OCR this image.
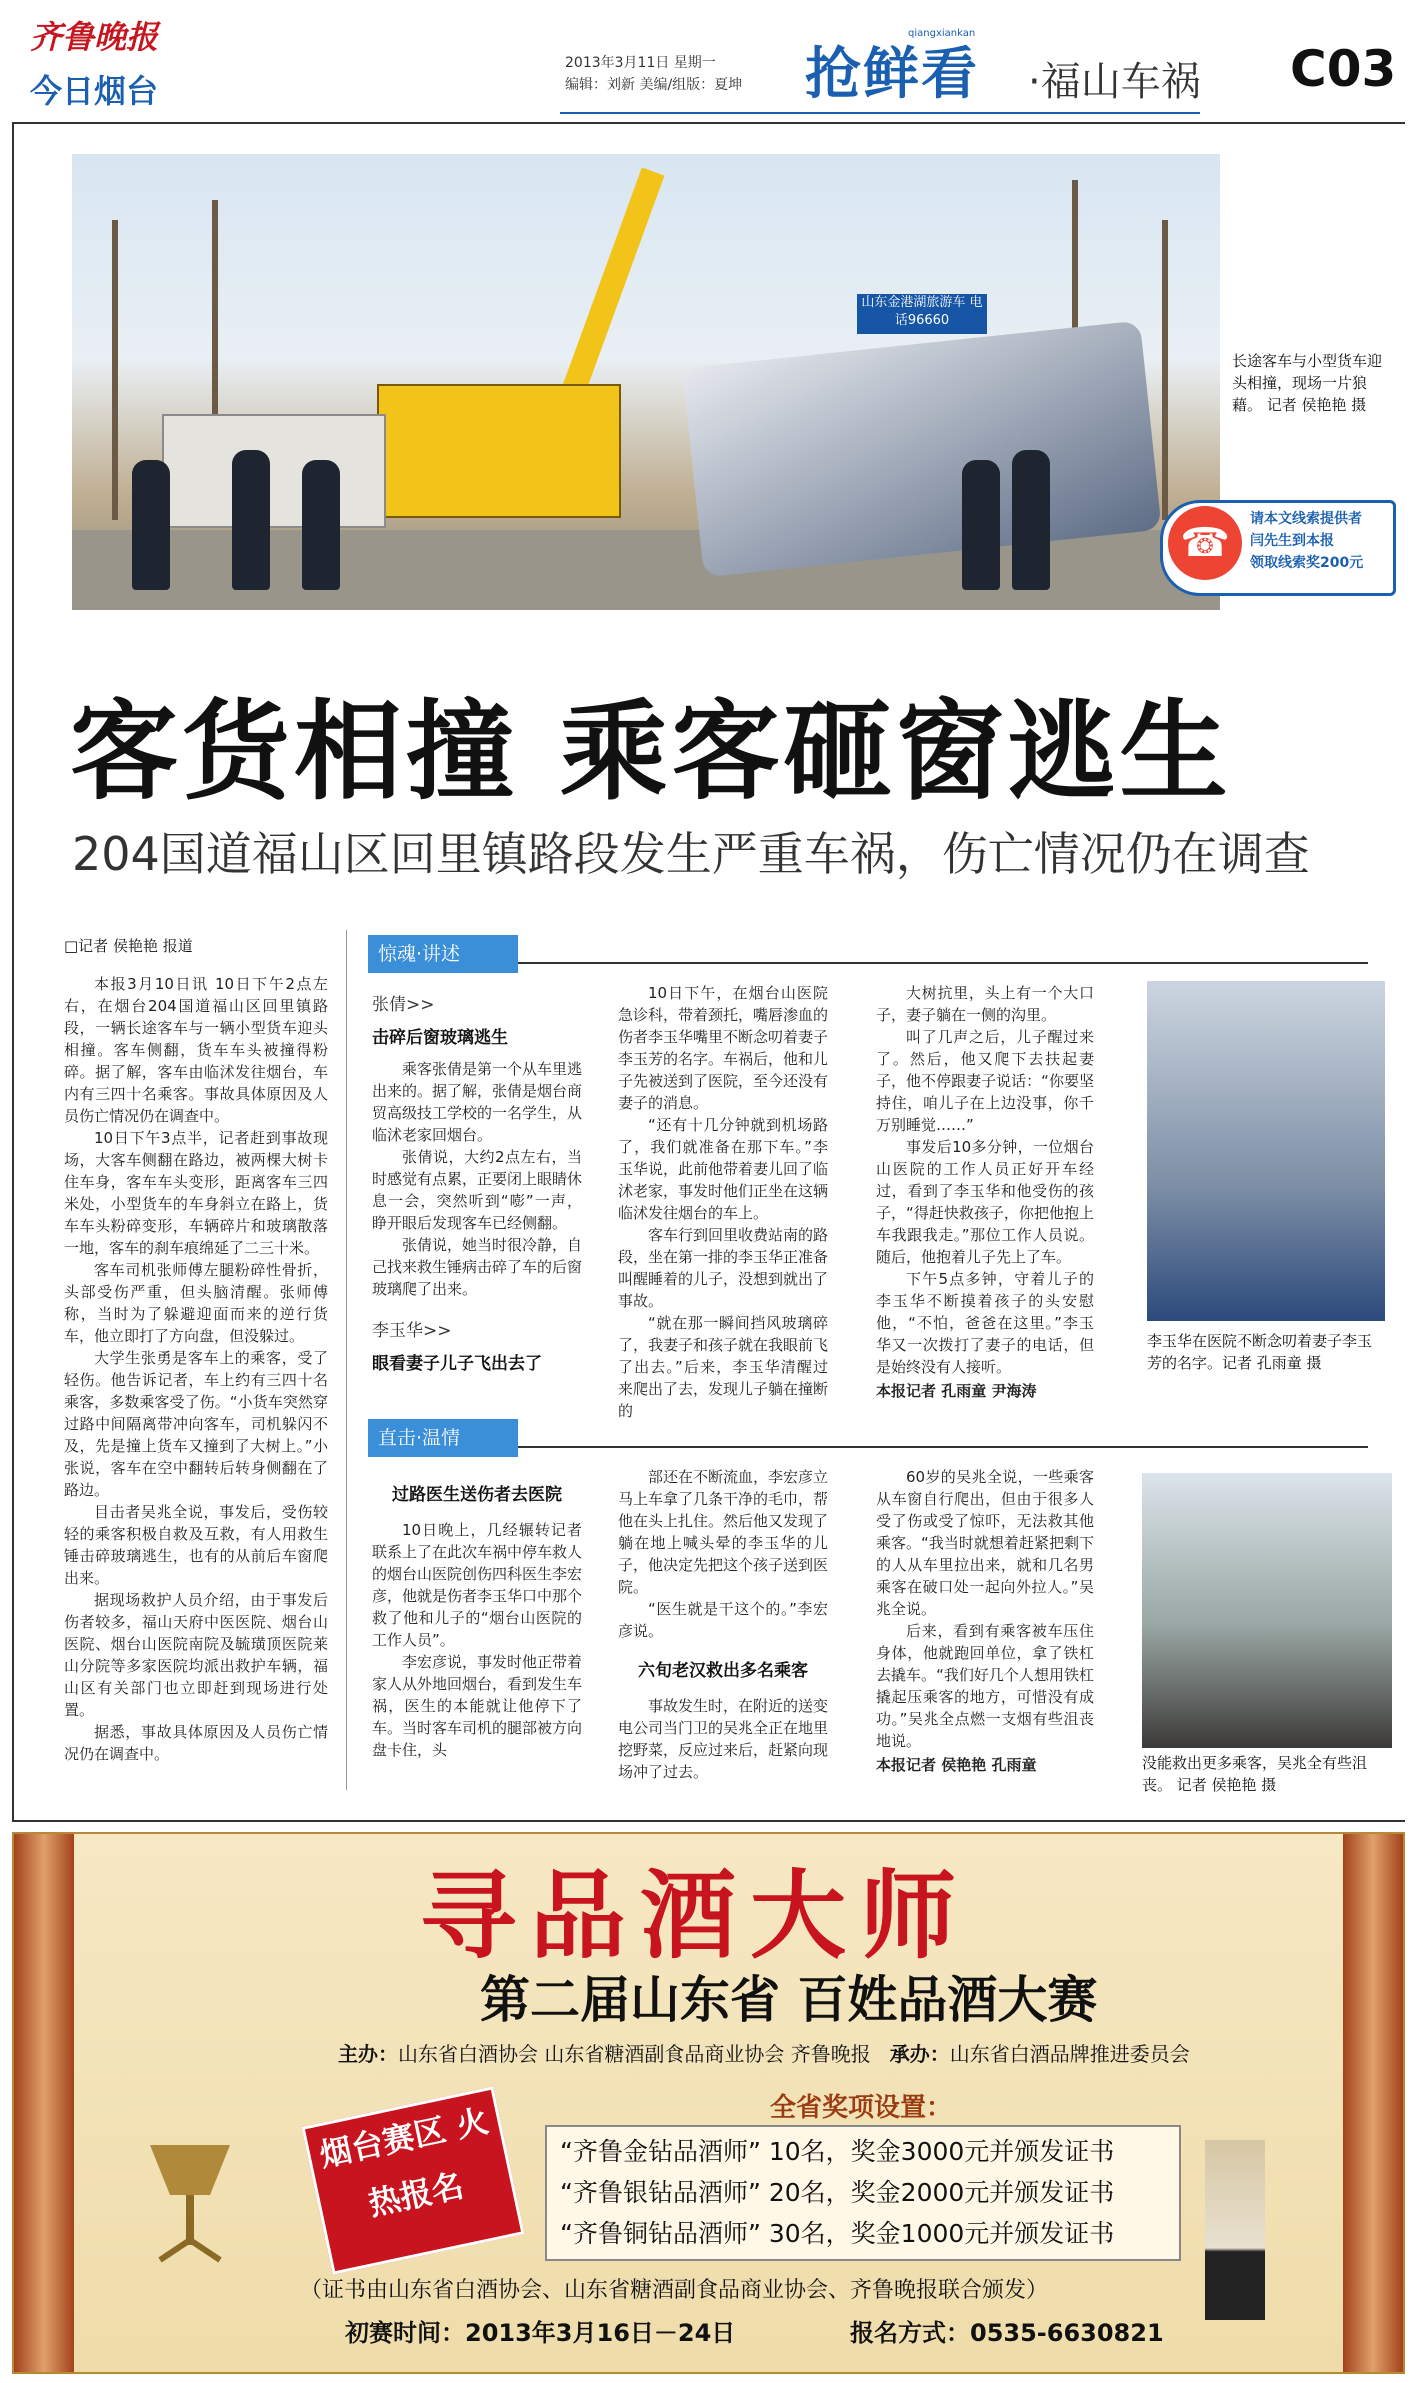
齐鲁晚报
今日烟台
2013年3月11日 星期一
编辑：刘新 美编/组版：夏坤 抢鲜看
qiangxiankan
·福山车祸 C03
山东金港湖旅游车 电话96660
长途客车与小型货车迎头相撞，现场一片狼藉。 记者 侯艳艳 摄
☎
请本文线索提供者
闫先生到本报
领取线索奖200元
客货相撞 乘客砸窗逃生
204国道福山区回里镇路段发生严重车祸，伤亡情况仍在调查
□记者 侯艳艳 报道

本报3月10日讯 10日下午2点左右，在烟台204国道福山区回里镇路段，一辆长途客车与一辆小型货车迎头相撞。客车侧翻，货车车头被撞得粉碎。据了解，客车由临沭发往烟台，车内有三四十名乘客。事故具体原因及人员伤亡情况仍在调查中。

10日下午3点半，记者赶到事故现场，大客车侧翻在路边，被两棵大树卡住车身，客车车头变形，距离客车三四米处，小型货车的车身斜立在路上，货车车头粉碎变形，车辆碎片和玻璃散落一地，客车的刹车痕绵延了二三十米。

客车司机张师傅左腿粉碎性骨折，头部受伤严重，但头脑清醒。张师傅称，当时为了躲避迎面而来的逆行货车，他立即打了方向盘，但没躲过。

大学生张勇是客车上的乘客，受了轻伤。他告诉记者，车上约有三四十名乘客，多数乘客受了伤。“小货车突然穿过路中间隔离带冲向客车，司机躲闪不及，先是撞上货车又撞到了大树上。”小张说，客车在空中翻转后转身侧翻在了路边。

目击者吴兆全说，事发后，受伤较轻的乘客积极自救及互救，有人用救生锤击碎玻璃逃生，也有的从前后车窗爬出来。

据现场救护人员介绍，由于事发后伤者较多，福山天府中医医院、烟台山医院、烟台山医院南院及毓璜顶医院莱山分院等多家医院均派出救护车辆，福山区有关部门也立即赶到现场进行处置。

据悉，事故具体原因及人员伤亡情况仍在调查中。

惊魂·讲述
张倩>>
击碎后窗玻璃逃生

乘客张倩是第一个从车里逃出来的。据了解，张倩是烟台商贸高级技工学校的一名学生，从临沭老家回烟台。

张倩说，大约2点左右，当时感觉有点累，正要闭上眼睛休息一会，突然听到“嘭”一声，睁开眼后发现客车已经侧翻。

张倩说，她当时很冷静，自己找来救生锤病击碎了车的后窗玻璃爬了出来。

李玉华>>
眼看妻子儿子飞出去了

10日下午，在烟台山医院急诊科，带着颈托，嘴唇渗血的伤者李玉华嘴里不断念叨着妻子李玉芳的名字。车祸后，他和儿子先被送到了医院，至今还没有妻子的消息。

“还有十几分钟就到机场路了，我们就准备在那下车。”李玉华说，此前他带着妻儿回了临沭老家，事发时他们正坐在这辆临沭发往烟台的车上。

客车行到回里收费站南的路段，坐在第一排的李玉华正准备叫醒睡着的儿子，没想到就出了事故。

“就在那一瞬间挡风玻璃碎了，我妻子和孩子就在我眼前飞了出去。”后来，李玉华清醒过来爬出了去，发现儿子躺在撞断的

大树抗里，头上有一个大口子，妻子躺在一侧的沟里。

叫了几声之后，儿子醒过来了。然后，他又爬下去扶起妻子，他不停跟妻子说话：“你要坚持住，咱儿子在上边没事，你千万别睡觉……”

事发后10多分钟，一位烟台山医院的工作人员正好开车经过，看到了李玉华和他受伤的孩子，“得赶快救孩子，你把他抱上车我跟我走。”那位工作人员说。随后，他抱着儿子先上了车。

下午5点多钟，守着儿子的李玉华不断摸着孩子的头安慰他，“不怕，爸爸在这里。”李玉华又一次拨打了妻子的电话，但是始终没有人接听。

本报记者 孔雨童 尹海涛
李玉华在医院不断念叨着妻子李玉芳的名字。记者 孔雨童 摄
直击·温情
过路医生送伤者去医院

10日晚上，几经辗转记者联系上了在此次车祸中停车救人的烟台山医院创伤四科医生李宏彦，他就是伤者李玉华口中那个救了他和儿子的“烟台山医院的工作人员”。

李宏彦说，事发时他正带着家人从外地回烟台，看到发生车祸，医生的本能就让他停下了车。当时客车司机的腿部被方向盘卡住，头

部还在不断流血，李宏彦立马上车拿了几条干净的毛巾，帮他在头上扎住。然后他又发现了躺在地上喊头晕的李玉华的儿子，他决定先把这个孩子送到医院。

“医生就是干这个的。”李宏彦说。

六旬老汉救出多名乘客

事故发生时，在附近的送变电公司当门卫的吴兆全正在地里挖野菜，反应过来后，赶紧向现场冲了过去。

60岁的吴兆全说，一些乘客从车窗自行爬出，但由于很多人受了伤或受了惊吓，无法救其他乘客。“我当时就想着赶紧把剩下的人从车里拉出来，就和几名男乘客在破口处一起向外拉人。”吴兆全说。

后来，看到有乘客被车压住身体，他就跑回单位，拿了铁杠去撬车。“我们好几个人想用铁杠撬起压乘客的地方，可惜没有成功。”吴兆全点燃一支烟有些沮丧地说。

本报记者 侯艳艳 孔雨童	没能救出更多乘客，吴兆全有些沮丧。 记者 侯艳艳 摄
寻品酒大师
第二届山东省 百姓品酒大赛
主办：山东省白酒协会 山东省糖酒副食品商业协会 齐鲁晚报 承办：山东省白酒品牌推进委员会
全省奖项设置：
“齐鲁金钻品酒师” 10名，奖金3000元并颁发证书
“齐鲁银钻品酒师” 20名，奖金2000元并颁发证书
“齐鲁铜钻品酒师” 30名，奖金1000元并颁发证书
烟台赛区 火热报名
（证书由山东省白酒协会、山东省糖酒副食品商业协会、齐鲁晚报联合颁发）
初赛时间：2013年3月16日－24日	报名方式：0535-6630821
